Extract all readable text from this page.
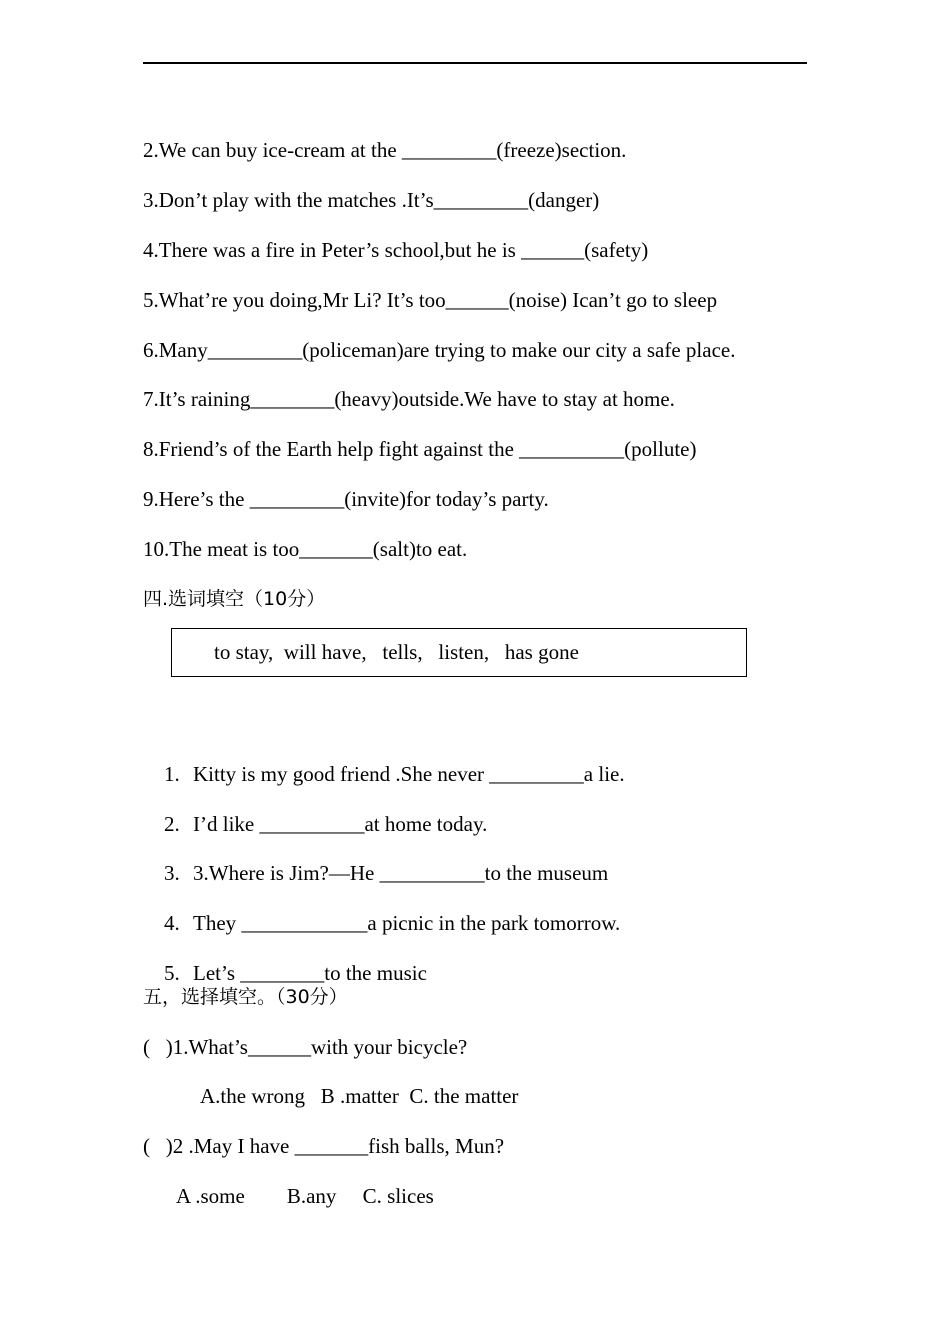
2.We can buy ice-cream at the _________(freeze)section.
3.Don’t play with the matches .It’s_________(danger)
4.There was a fire in Peter’s school,but he is ______(safety)
5.What’re you doing,Mr Li? It’s too______(noise) Ican’t go to sleep
6.Many_________(policeman)are trying to make our city a safe place.
7.It’s raining________(heavy)outside.We have to stay at home.
8.Friend’s of the Earth help fight against the __________(pollute)
9.Here’s the _________(invite)for today’s party.
10.The meat is too_______(salt)to eat.
四.选词填空（10分）
to stay,  will have,   tells,   listen,   has gone

1. Kitty is my good friend .She never _________a lie.

2. I’d like __________at home today.

3. 3.Where is Jim?—He __________to the museum

4. They ____________a picnic in the park tomorrow.

5. Let’s ________to the music

五，选择填空。（30分）
(   )1.What’s______with your bicycle?
A.the wrong   B .matter  C. the matter
(   )2 .May I have _______fish balls, Mun?
A .some        B.any     C. slices
